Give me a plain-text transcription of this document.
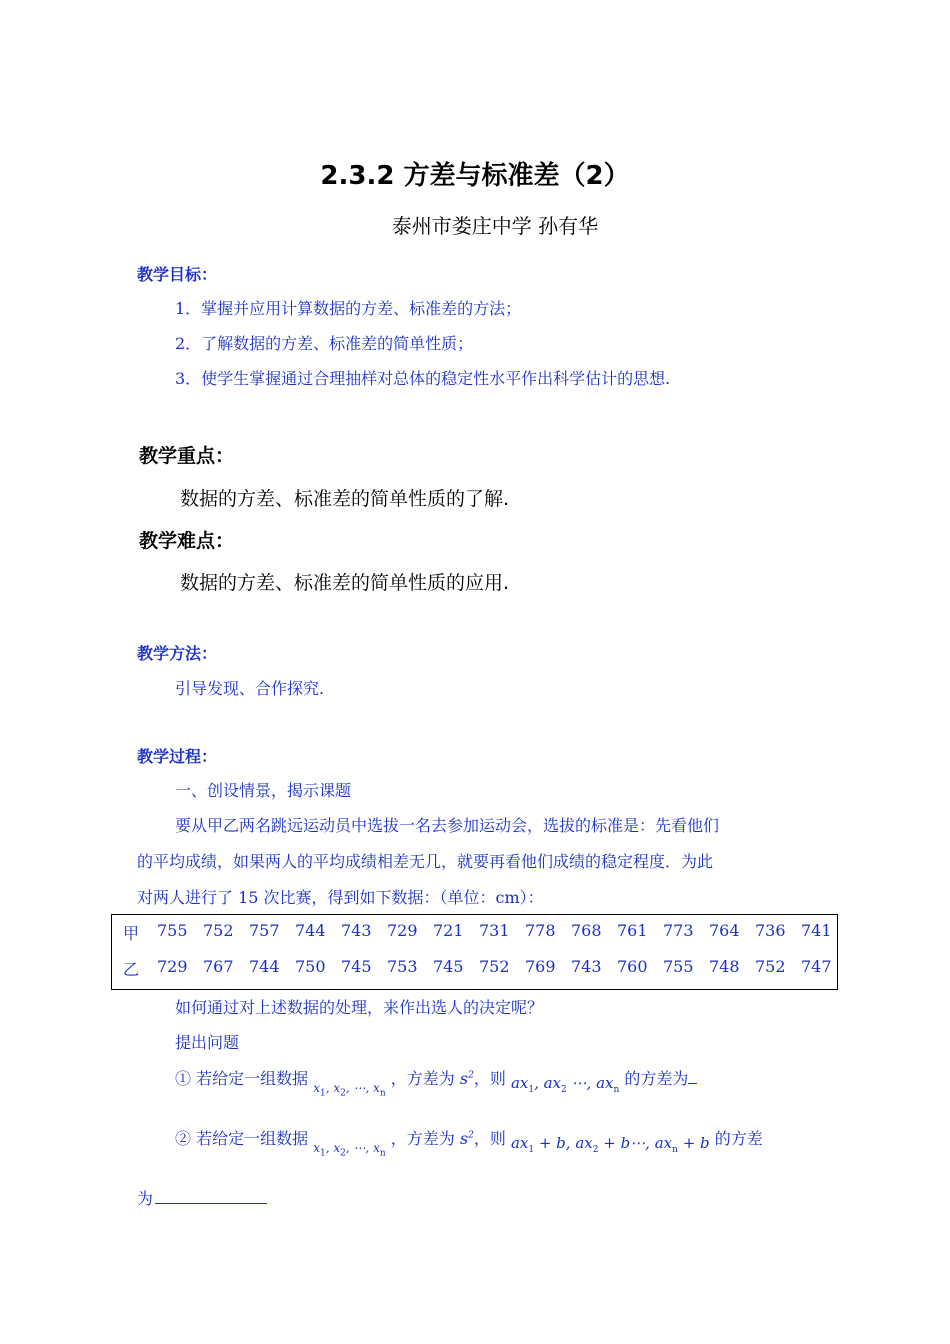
2.3.2 方差与标准差（2）
泰州市娄庄中学 孙有华
教学目标：
1．掌握并应用计算数据的方差、标准差的方法；
2．了解数据的方差、标准差的简单性质；
3．使学生掌握通过合理抽样对总体的稳定性水平作出科学估计的思想.
教学重点：
数据的方差、标准差的简单性质的了解.
教学难点：
数据的方差、标准差的简单性质的应用.
教学方法：
引导发现、合作探究.
教学过程：
一、创设情景，揭示课题
要从甲乙两名跳远运动员中选拔一名去参加运动会，选拔的标准是：先看他们
的平均成绩，如果两人的平均成绩相差无几，就要再看他们成绩的稳定程度．为此
对两人进行了 15 次比赛，得到如下数据：（单位：cm）：
甲 755 752 757 744 743 729 721 731 778 768 761 773 764 736 741
乙 729 767 744 750 745 753 745 752 769 743 760 755 748 752 747
如何通过对上述数据的处理，来作出选人的决定呢？
提出问题
① 若给定一组数据 $_{x_1, x_2, \cdots, x_n}$ ，方差为 $s^2$，则 $ax_1$, $ax_2$ ⋯, $ax_n$ 的方差为
② 若给定一组数据 $_{x_1, x_2, \cdots, x_n}$ ，方差为 $s^2$，则 $ax_1 + b$, $ax_2$ + b⋯, $ax_n + b$ 的方差
为
